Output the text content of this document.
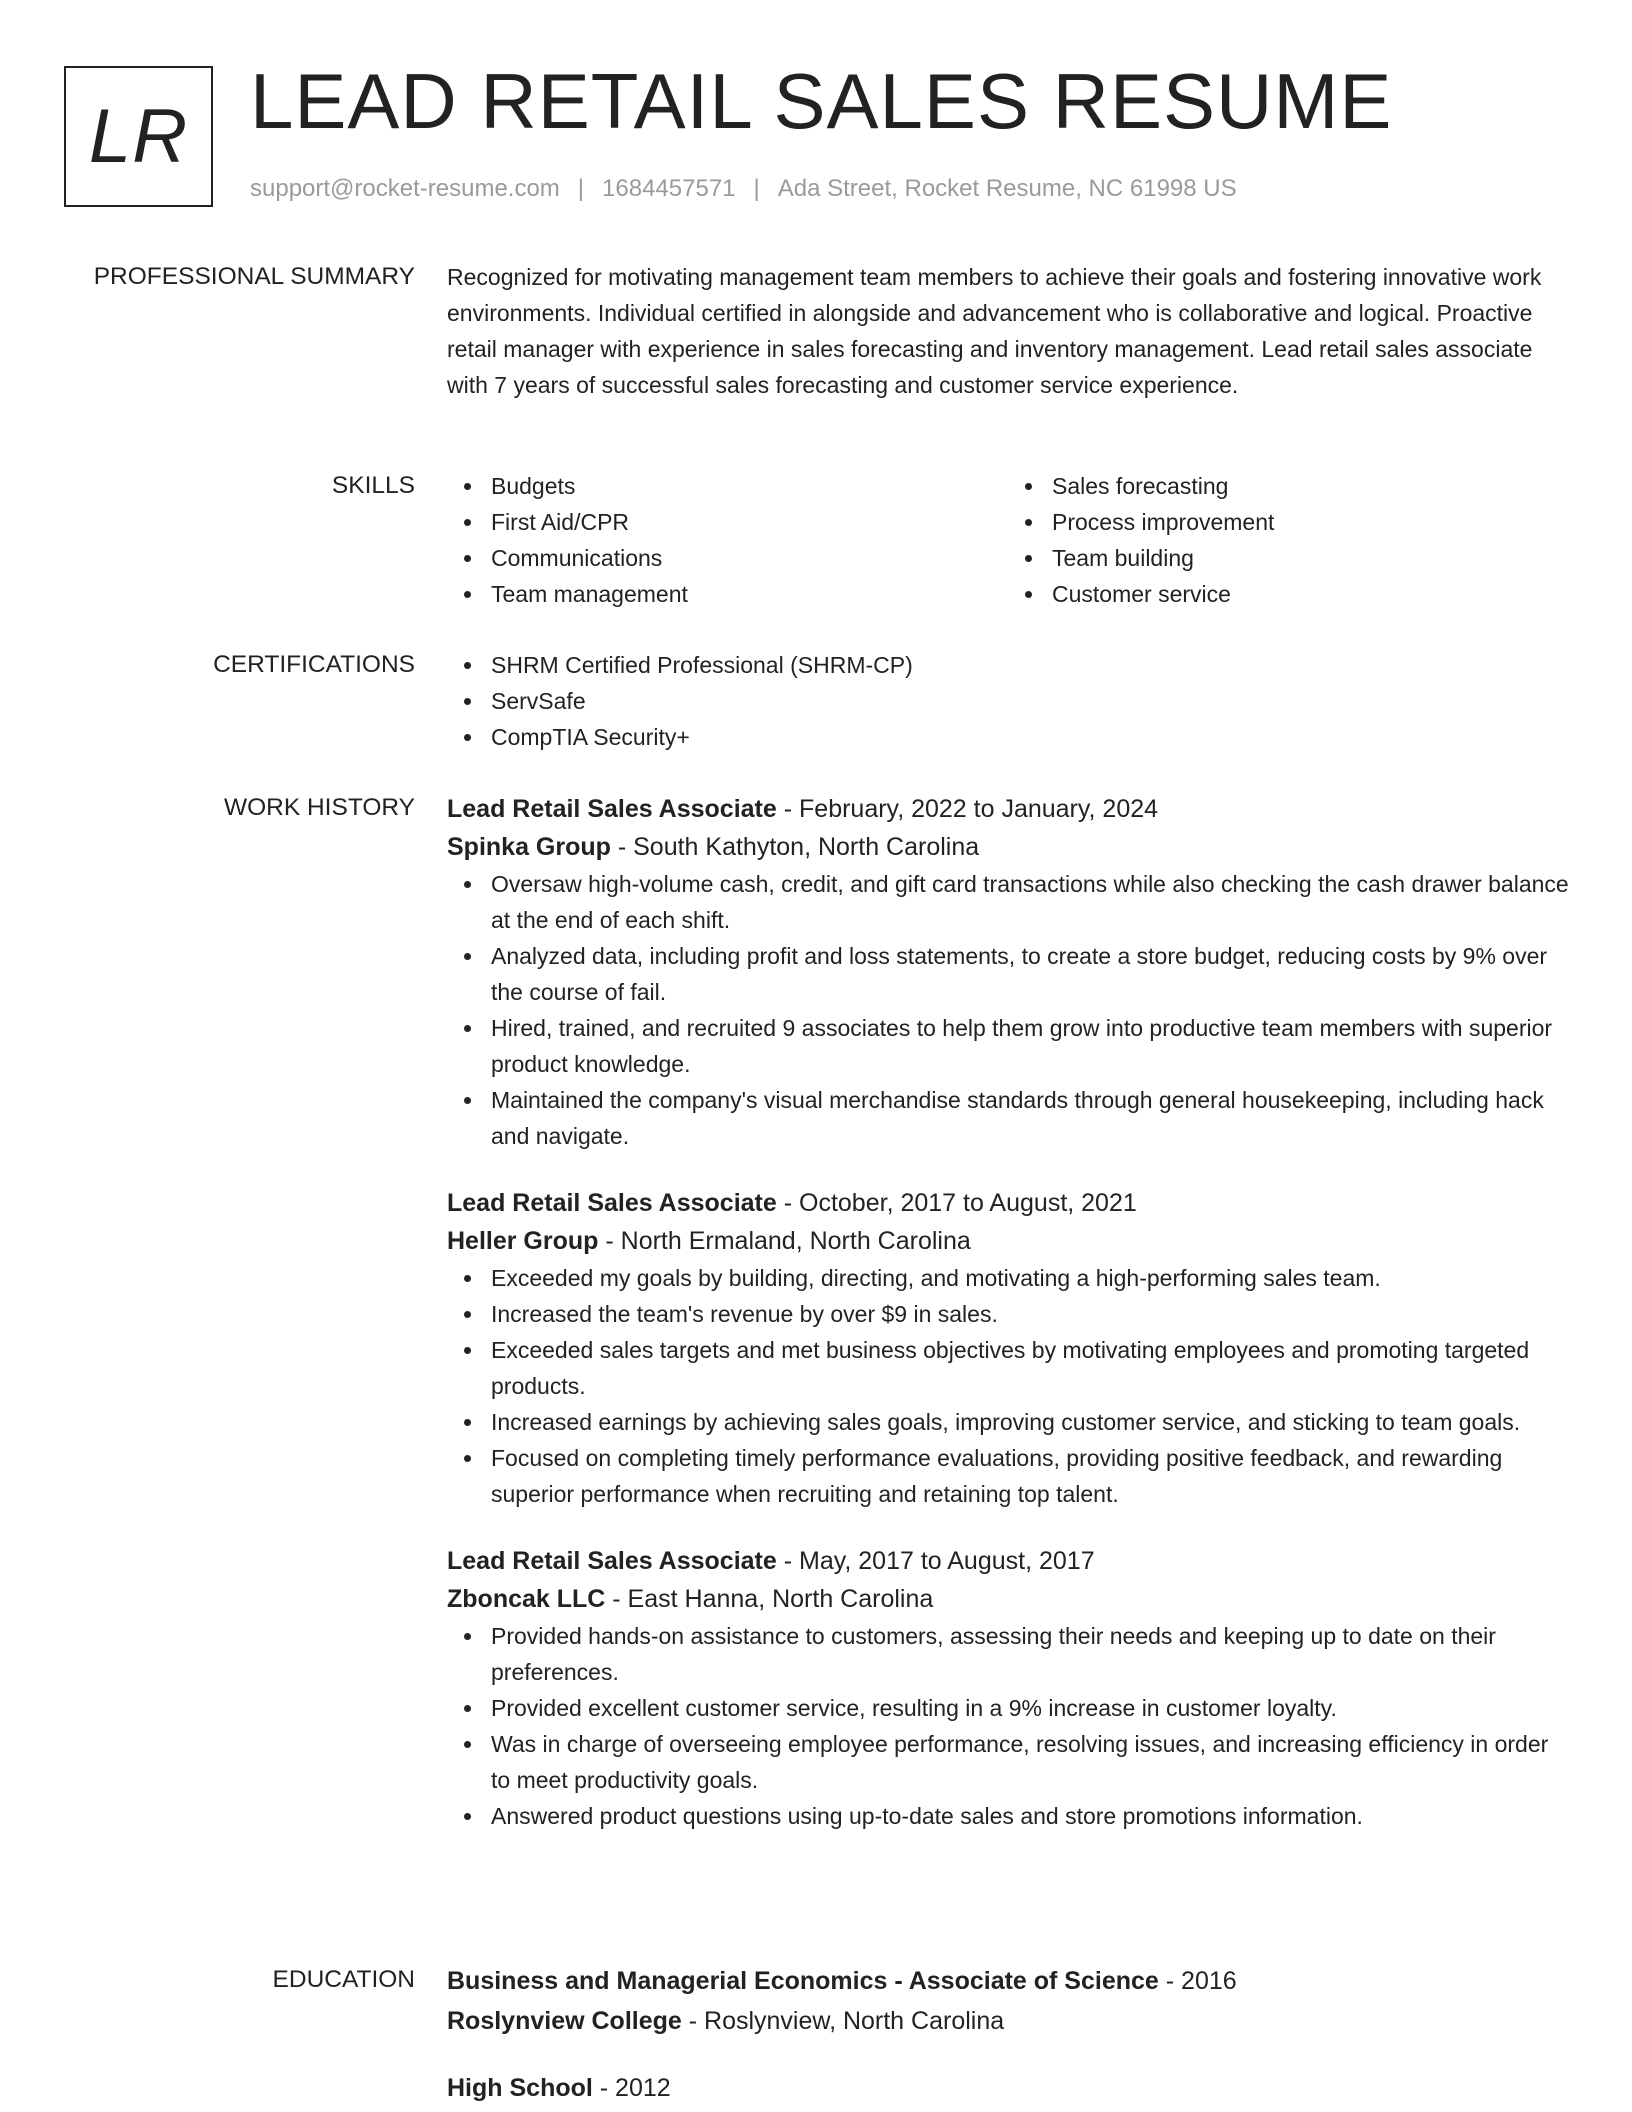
LR LEAD RETAIL SALES RESUME
support@rocket-resume.com | 1684457571 | Ada Street, Rocket Resume, NC 61998 US
PROFESSIONAL SUMMARY Recognized for motivating management team members to achieve their goals and fostering innovative work environments. Individual certified in alongside and advancement who is collaborative and logical. Proactive retail manager with experience in sales forecasting and inventory management. Lead retail sales associate with 7 years of successful sales forecasting and customer service experience.

SKILLS	Budgets
First Aid/CPR
Communications
Team management
Sales forecasting
Process improvement
Team building
Customer service
CERTIFICATIONS	SHRM Certified Professional (SHRM-CP)
ServSafe
CompTIA Security+
WORK HISTORY Lead Retail Sales Associate - February, 2022 to January, 2024
Spinka Group - South Kathyton, North Carolina
Oversaw high-volume cash, credit, and gift card transactions while also checking the cash drawer balance at the end of each shift.
Analyzed data, including profit and loss statements, to create a store budget, reducing costs by 9% over the course of fail.
Hired, trained, and recruited 9 associates to help them grow into productive team members with superior product knowledge.
Maintained the company's visual merchandise standards through general housekeeping, including hack and navigate.
Lead Retail Sales Associate - October, 2017 to August, 2021
Heller Group - North Ermaland, North Carolina
Exceeded my goals by building, directing, and motivating a high-performing sales team.
Increased the team's revenue by over $9 in sales.
Exceeded sales targets and met business objectives by motivating employees and promoting targeted products.
Increased earnings by achieving sales goals, improving customer service, and sticking to team goals.
Focused on completing timely performance evaluations, providing positive feedback, and rewarding superior performance when recruiting and retaining top talent.
Lead Retail Sales Associate - May, 2017 to August, 2017
Zboncak LLC - East Hanna, North Carolina
Provided hands-on assistance to customers, assessing their needs and keeping up to date on their preferences.
Provided excellent customer service, resulting in a 9% increase in customer loyalty.
Was in charge of overseeing employee performance, resolving issues, and increasing efficiency in order to meet productivity goals.
Answered product questions using up-to-date sales and store promotions information.
EDUCATION Business and Managerial Economics - Associate of Science - 2016
Roslynview College - Roslynview, North Carolina
High School - 2012
